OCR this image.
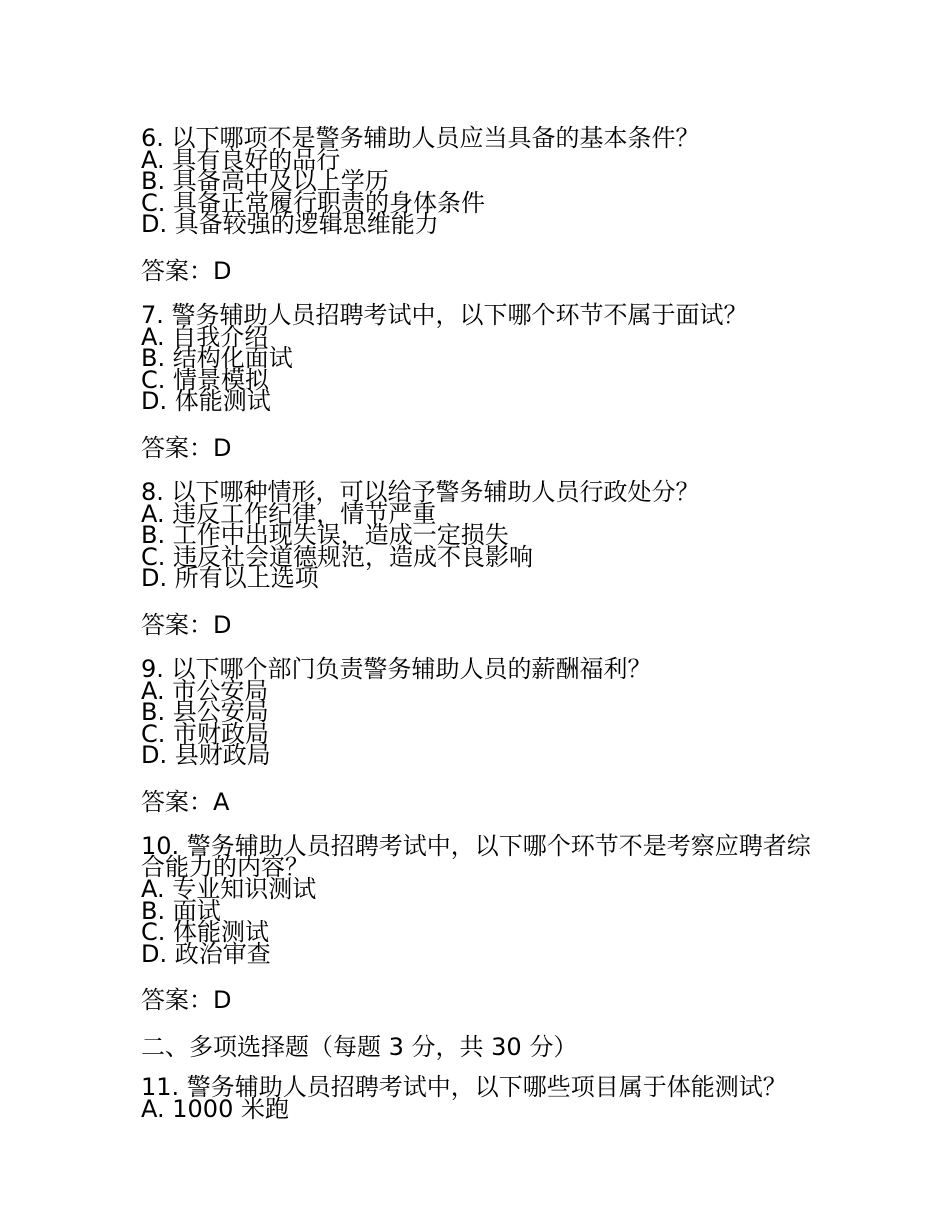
6. 以下哪项不是警务辅助人员应当具备的基本条件？
A. 具有良好的品行
B. 具备高中及以上学历
C. 具备正常履行职责的身体条件
D. 具备较强的逻辑思维能力
答案：D
7. 警务辅助人员招聘考试中，以下哪个环节不属于面试？
A. 自我介绍
B. 结构化面试
C. 情景模拟
D. 体能测试
答案：D
8. 以下哪种情形，可以给予警务辅助人员行政处分？
A. 违反工作纪律，情节严重
B. 工作中出现失误，造成一定损失
C. 违反社会道德规范，造成不良影响
D. 所有以上选项
答案：D
9. 以下哪个部门负责警务辅助人员的薪酬福利？
A. 市公安局
B. 县公安局
C. 市财政局
D. 县财政局
答案：A
10. 警务辅助人员招聘考试中，以下哪个环节不是考察应聘者综合能力的内容？
A. 专业知识测试
B. 面试
C. 体能测试
D. 政治审查
答案：D
二、多项选择题（每题 3 分，共 30 分）
11. 警务辅助人员招聘考试中，以下哪些项目属于体能测试？
A. 1000 米跑
